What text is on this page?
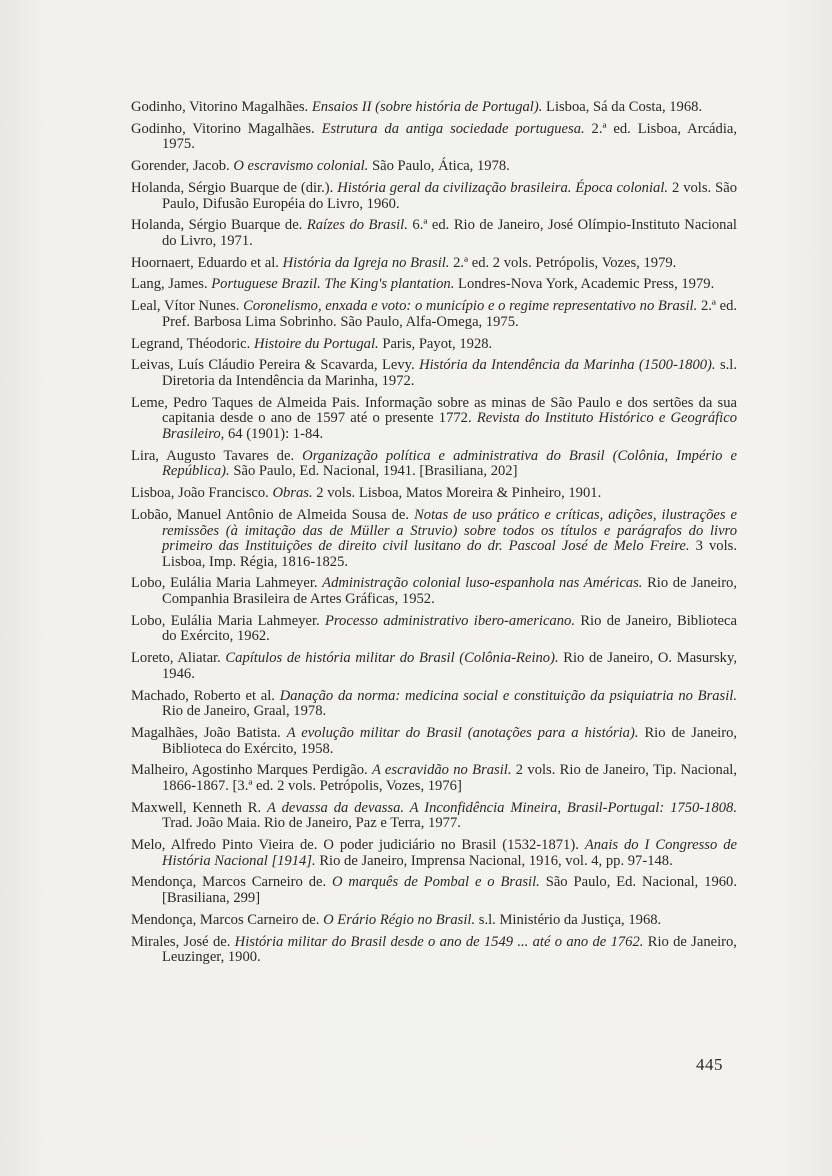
Godinho, Vitorino Magalhães. Ensaios II (sobre história de Portugal). Lisboa, Sá da Costa, 1968.

Godinho, Vitorino Magalhães. Estrutura da antiga sociedade portuguesa. 2.ª ed. Lisboa, Arcádia, 1975.

Gorender, Jacob. O escravismo colonial. São Paulo, Ática, 1978.

Holanda, Sérgio Buarque de (dir.). História geral da civilização brasileira. Época colonial. 2 vols. São Paulo, Difusão Européia do Livro, 1960.

Holanda, Sérgio Buarque de. Raízes do Brasil. 6.ª ed. Rio de Janeiro, José Olímpio-Instituto Nacional do Livro, 1971.

Hoornaert, Eduardo et al. História da Igreja no Brasil. 2.ª ed. 2 vols. Petrópolis, Vozes, 1979.

Lang, James. Portuguese Brazil. The King's plantation. Londres-Nova York, Academic Press, 1979.

Leal, Vítor Nunes. Coronelismo, enxada e voto: o município e o regime representativo no Brasil. 2.ª ed. Pref. Barbosa Lima Sobrinho. São Paulo, Alfa-Omega, 1975.

Legrand, Théodoric. Histoire du Portugal. Paris, Payot, 1928.

Leivas, Luís Cláudio Pereira & Scavarda, Levy. História da Intendência da Marinha (1500-1800). s.l. Diretoria da Intendência da Marinha, 1972.

Leme, Pedro Taques de Almeida Pais. Informação sobre as minas de São Paulo e dos sertões da sua capitania desde o ano de 1597 até o presente 1772. Revista do Instituto Histórico e Geográfico Brasileiro, 64 (1901): 1-84.

Lira, Augusto Tavares de. Organização política e administrativa do Brasil (Colônia, Império e República). São Paulo, Ed. Nacional, 1941. [Brasiliana, 202]

Lisboa, João Francisco. Obras. 2 vols. Lisboa, Matos Moreira & Pinheiro, 1901.

Lobão, Manuel Antônio de Almeida Sousa de. Notas de uso prático e críticas, adições, ilustrações e remissões (à imitação das de Müller a Struvio) sobre todos os títulos e parágrafos do livro primeiro das Instituições de direito civil lusitano do dr. Pascoal José de Melo Freire. 3 vols. Lisboa, Imp. Régia, 1816-1825.

Lobo, Eulália Maria Lahmeyer. Administração colonial luso-espanhola nas Américas. Rio de Janeiro, Companhia Brasileira de Artes Gráficas, 1952.

Lobo, Eulália Maria Lahmeyer. Processo administrativo ibero-americano. Rio de Janeiro, Biblioteca do Exército, 1962.

Loreto, Aliatar. Capítulos de história militar do Brasil (Colônia-Reino). Rio de Janeiro, O. Masursky, 1946.

Machado, Roberto et al. Danação da norma: medicina social e constituição da psiquiatria no Brasil. Rio de Janeiro, Graal, 1978.

Magalhães, João Batista. A evolução militar do Brasil (anotações para a história). Rio de Janeiro, Biblioteca do Exército, 1958.

Malheiro, Agostinho Marques Perdigão. A escravidão no Brasil. 2 vols. Rio de Janeiro, Tip. Nacional, 1866-1867. [3.ª ed. 2 vols. Petrópolis, Vozes, 1976]

Maxwell, Kenneth R. A devassa da devassa. A Inconfidência Mineira, Brasil-Portugal: 1750-1808. Trad. João Maia. Rio de Janeiro, Paz e Terra, 1977.

Melo, Alfredo Pinto Vieira de. O poder judiciário no Brasil (1532-1871). Anais do I Congresso de História Nacional [1914]. Rio de Janeiro, Imprensa Nacional, 1916, vol. 4, pp. 97-148.

Mendonça, Marcos Carneiro de. O marquês de Pombal e o Brasil. São Paulo, Ed. Nacional, 1960. [Brasiliana, 299]

Mendonça, Marcos Carneiro de. O Erário Régio no Brasil. s.l. Ministério da Justiça, 1968.

Mirales, José de. História militar do Brasil desde o ano de 1549 ... até o ano de 1762. Rio de Janeiro, Leuzinger, 1900.

445
